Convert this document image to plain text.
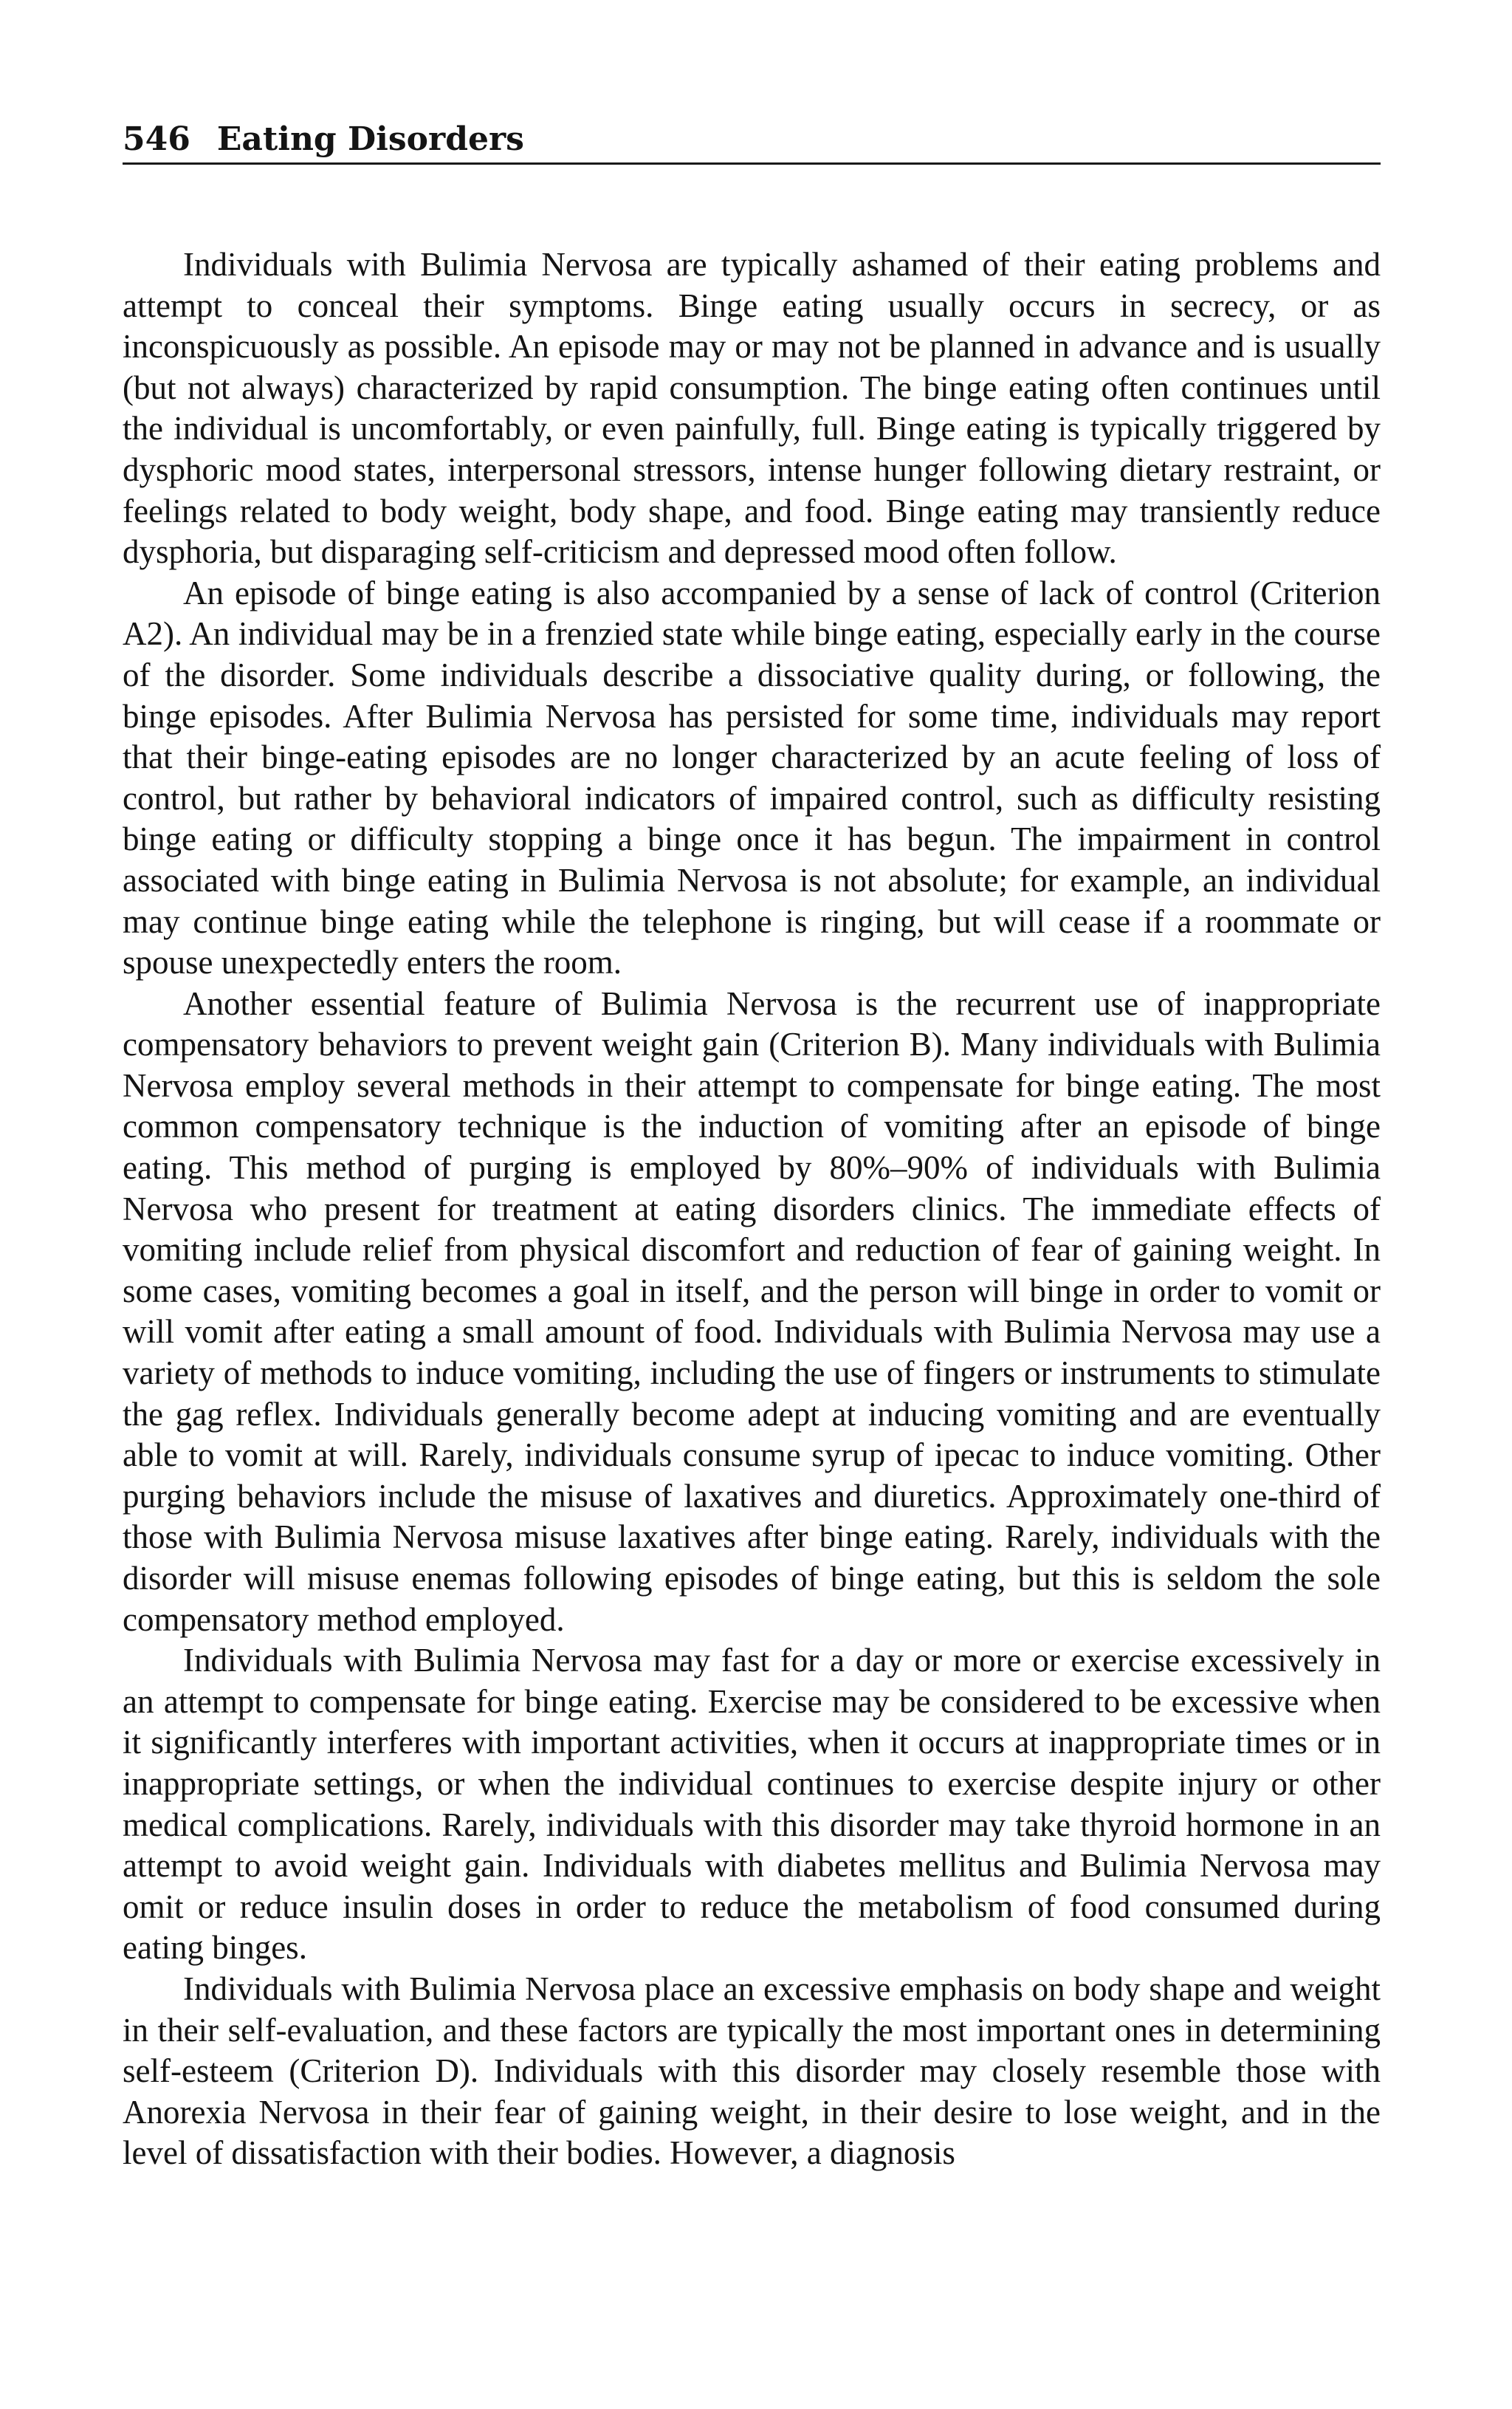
546 Eating Disorders

Individuals with Bulimia Nervosa are typically ashamed of their eating problems and attempt to conceal their symptoms. Binge eating usually occurs in secrecy, or as inconspicuously as possible. An episode may or may not be planned in advance and is usually (but not always) characterized by rapid consumption. The binge eating often continues until the individual is uncomfortably, or even painfully, full. Binge eating is typically triggered by dysphoric mood states, interpersonal stressors, intense hunger following dietary restraint, or feelings related to body weight, body shape, and food. Binge eating may transiently reduce dysphoria, but disparaging self-criticism and depressed mood often follow.

An episode of binge eating is also accompanied by a sense of lack of control (Criterion A2). An individual may be in a frenzied state while binge eating, especially early in the course of the disorder. Some individuals describe a dissociative quality during, or following, the binge episodes. After Bulimia Nervosa has persisted for some time, individuals may report that their binge-eating episodes are no longer characterized by an acute feeling of loss of control, but rather by behavioral indicators of impaired control, such as difficulty resisting binge eating or difficulty stopping a binge once it has begun. The impairment in control associated with binge eating in Bulimia Nervosa is not absolute; for example, an individual may continue binge eating while the telephone is ringing, but will cease if a roommate or spouse unexpectedly enters the room.

Another essential feature of Bulimia Nervosa is the recurrent use of inappropriate compensatory behaviors to prevent weight gain (Criterion B). Many individuals with Bulimia Nervosa employ several methods in their attempt to compensate for binge eating. The most common compensatory technique is the induction of vomiting after an episode of binge eating. This method of purging is employed by 80%–90% of individuals with Bulimia Nervosa who present for treatment at eating disorders clinics. The immediate effects of vomiting include relief from physical discomfort and reduction of fear of gaining weight. In some cases, vomiting becomes a goal in itself, and the person will binge in order to vomit or will vomit after eating a small amount of food. Individuals with Bulimia Nervosa may use a variety of methods to induce vomiting, including the use of fingers or instruments to stimulate the gag reflex. Individuals generally become adept at inducing vomiting and are eventually able to vomit at will. Rarely, individuals consume syrup of ipecac to induce vomiting. Other purging behaviors include the misuse of laxatives and diuretics. Approximately one-third of those with Bulimia Nervosa misuse laxatives after binge eating. Rarely, individuals with the disorder will misuse enemas following episodes of binge eating, but this is seldom the sole compensatory method employed.

Individuals with Bulimia Nervosa may fast for a day or more or exercise excessively in an attempt to compensate for binge eating. Exercise may be considered to be excessive when it significantly interferes with important activities, when it occurs at inappropriate times or in inappropriate settings, or when the individual continues to exercise despite injury or other medical complications. Rarely, individuals with this disorder may take thyroid hormone in an attempt to avoid weight gain. Individuals with diabetes mellitus and Bulimia Nervosa may omit or reduce insulin doses in order to reduce the metabolism of food consumed during eating binges.

Individuals with Bulimia Nervosa place an excessive emphasis on body shape and weight in their self-evaluation, and these factors are typically the most important ones in determining self-esteem (Criterion D). Individuals with this disorder may closely resemble those with Anorexia Nervosa in their fear of gaining weight, in their desire to lose weight, and in the level of dissatisfaction with their bodies. However, a diagnosis
